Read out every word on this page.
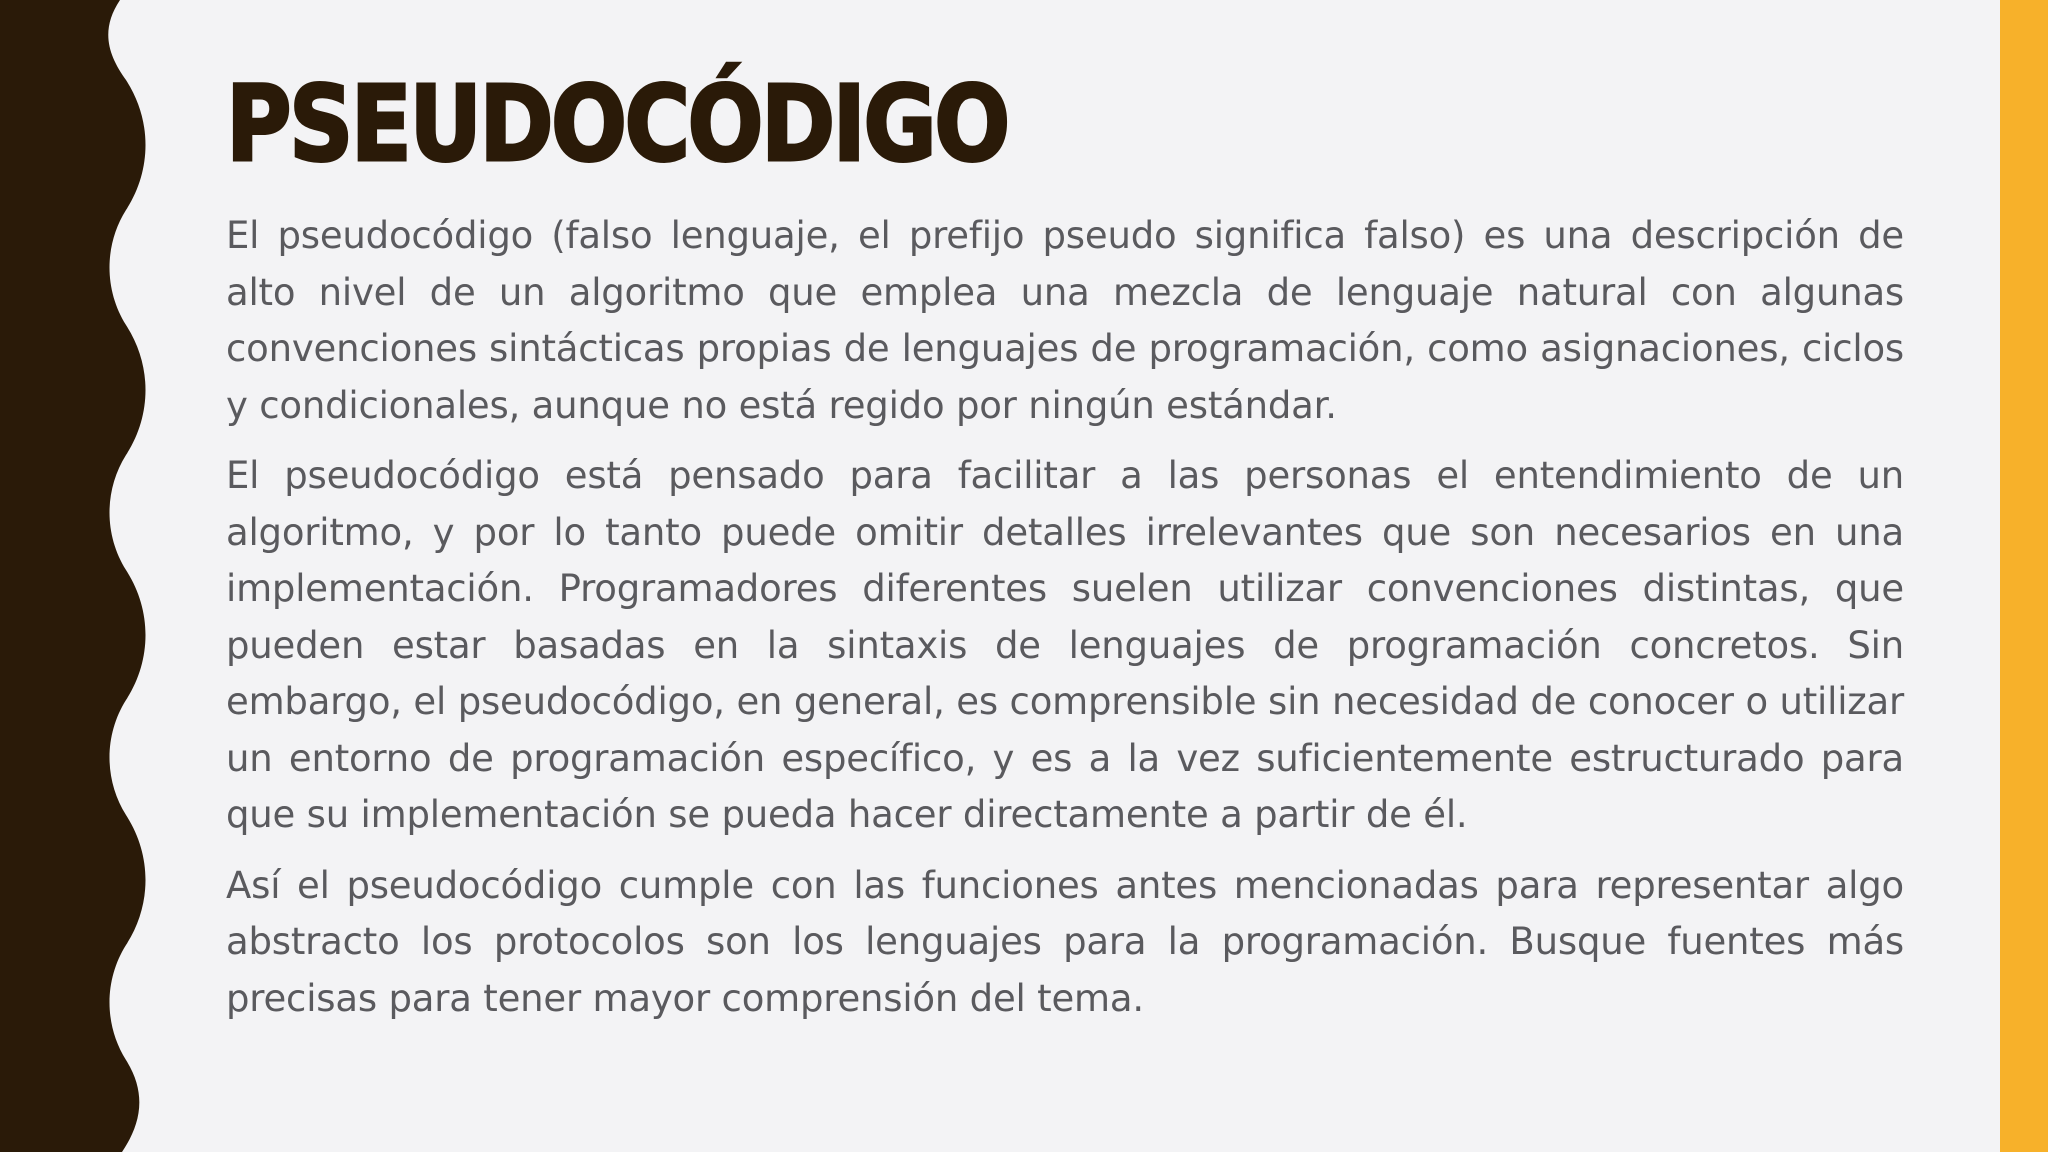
PSEUDOCÓDIGO

El pseudocódigo (falso lenguaje, el prefijo pseudo significa falso) es una descripción de alto nivel de un algoritmo que emplea una mezcla de lenguaje natural con algunas convenciones sintácticas propias de lenguajes de programación, como asignaciones, ciclos y condicionales, aunque no está regido por ningún estándar.

El pseudocódigo está pensado para facilitar a las personas el entendimiento de un algoritmo, y por lo tanto puede omitir detalles irrelevantes que son necesarios en una implementación. Programadores diferentes suelen utilizar convenciones distintas, que pueden estar basadas en la sintaxis de lenguajes de programación concretos. Sin embargo, el pseudocódigo, en general, es comprensible sin necesidad de conocer o utilizar un entorno de programación específico, y es a la vez suficientemente estructurado para que su implementación se pueda hacer directamente a partir de él.

Así el pseudocódigo cumple con las funciones antes mencionadas para representar algo abstracto los protocolos son los lenguajes para la programación. Busque fuentes más precisas para tener mayor comprensión del tema.
